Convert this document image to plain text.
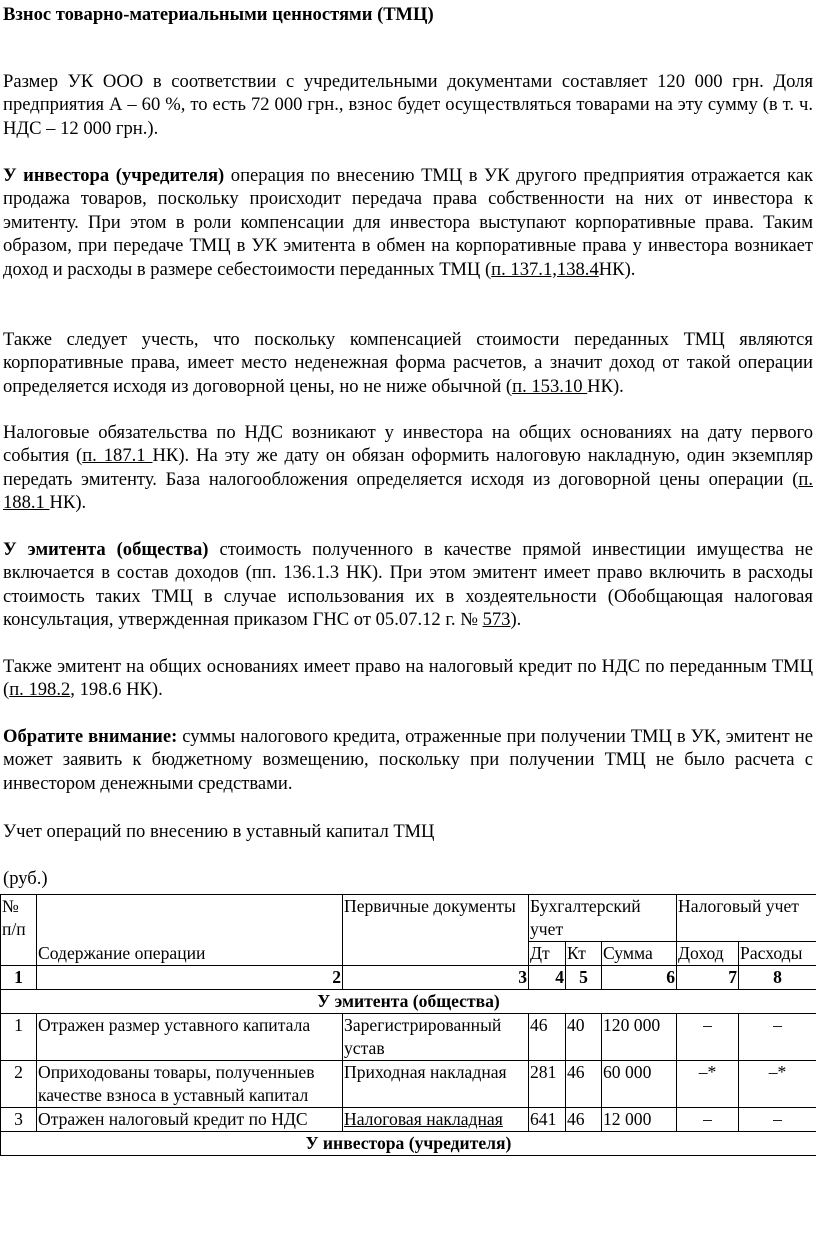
Взнос товарно-материальными ценностями (ТМЦ)

Размер УК ООО в соответствии с учредительными документами составляет 120 000 грн. Доля предприятия А – 60 %, то есть 72 000 грн., взнос будет осуществляться товарами на эту сумму (в т. ч. НДС – 12 000 грн.).

У инвестора (учредителя) операция по внесению ТМЦ в УК другого предприятия отражается как продажа товаров, поскольку происходит передача права собственности на них от инвестора к эмитенту. При этом в роли компенсации для инвестора выступают корпоративные права. Таким образом, при передаче ТМЦ в УК эмитента в обмен на корпоративные права у инвестора возникает доход и расходы в размере себестоимости переданных ТМЦ (п. 137.1,138.4НК).

Также следует учесть, что поскольку компенсацией стоимости переданных ТМЦ являются корпоративные права, имеет место неденежная форма расчетов, а значит доход от такой операции определяется исходя из договорной цены, но не ниже обычной (п. 153.10 НК).

Налоговые обязательства по НДС возникают у инвестора на общих основаниях на дату первого события (п. 187.1 НК). На эту же дату он обязан оформить налоговую накладную, один экземпляр передать эмитенту. База налогообложения определяется исходя из договорной цены операции (п. 188.1 НК).

У эмитента (общества) стоимость полученного в качестве прямой инвестиции имущества не включается в состав доходов (пп. 136.1.3 НК). При этом эмитент имеет право включить в расходы стоимость таких ТМЦ в случае использования их в хоздеятельности (Обобщающая налоговая консультация, утвержденная приказом ГНС от 05.07.12 г. № 573).

Также эмитент на общих основаниях имеет право на налоговый кредит по НДС по переданным ТМЦ (п. 198.2, 198.6 НК).

Обратите внимание: суммы налогового кредита, отраженные при получении ТМЦ в УК, эмитент не может заявить к бюджетному возмещению, поскольку при получении ТМЦ не было расчета с инвестором денежными средствами.

Учет операций по внесению в уставный капитал ТМЦ

(руб.)

№ п/п	Содержание операции	Первичные документы	Бухгалтерский учет			Налоговый учет	
			Дт	Кт	Сумма	Доход	Расходы
1	2	3	4	5	6	7	8
У эмитента (общества)							
1	Отражен размер уставного капитала	Зарегистрированный устав	46	40	120 000	–	–
2	Оприходованы товары, полученныев качестве взноса в уставный капитал	Приходная накладная	281	46	60 000	–*	–*
3	Отражен налоговый кредит по НДС	Налоговая накладная	641	46	12 000	–	–
У инвестора (учредителя)							
